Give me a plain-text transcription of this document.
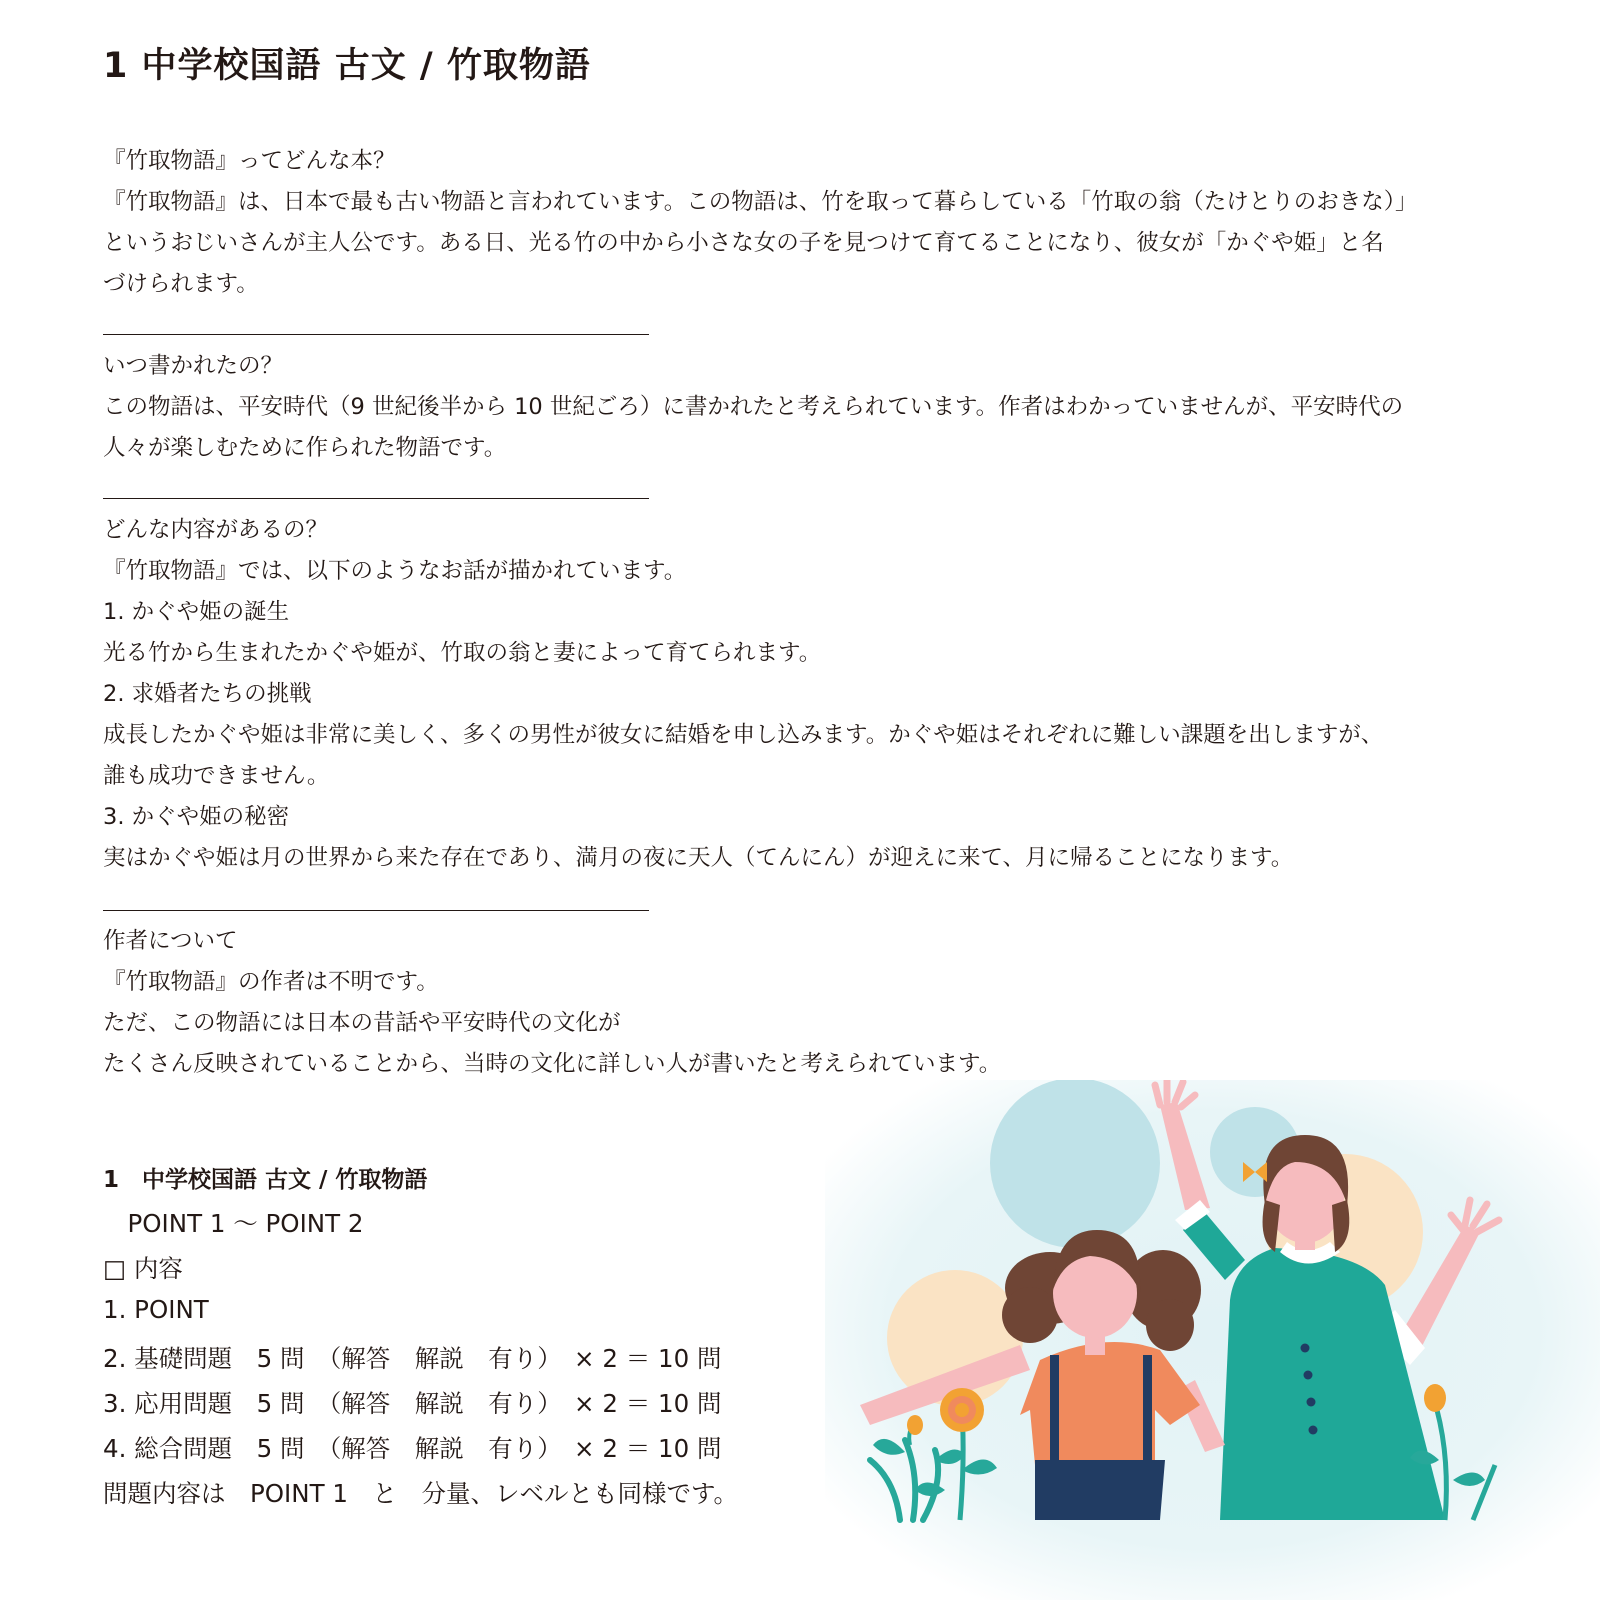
1 中学校国語 古文 / 竹取物語
『竹取物語』ってどんな本？
『竹取物語』は、日本で最も古い物語と言われています。この物語は、竹を取って暮らしている「竹取の翁（たけとりのおきな）」
というおじいさんが主人公です。ある日、光る竹の中から小さな女の子を見つけて育てることになり、彼女が「かぐや姫」と名
づけられます。
いつ書かれたの？
この物語は、平安時代（9 世紀後半から 10 世紀ごろ）に書かれたと考えられています。作者はわかっていませんが、平安時代の
人々が楽しむために作られた物語です。
どんな内容があるの？
『竹取物語』では、以下のようなお話が描かれています。
1. かぐや姫の誕生
光る竹から生まれたかぐや姫が、竹取の翁と妻によって育てられます。
2. 求婚者たちの挑戦
成長したかぐや姫は非常に美しく、多くの男性が彼女に結婚を申し込みます。かぐや姫はそれぞれに難しい課題を出しますが、
誰も成功できません。
3. かぐや姫の秘密
実はかぐや姫は月の世界から来た存在であり、満月の夜に天人（てんにん）が迎えに来て、月に帰ることになります。
作者について
『竹取物語』の作者は不明です。
ただ、この物語には日本の昔話や平安時代の文化が
たくさん反映されていることから、当時の文化に詳しい人が書いたと考えられています。
1　中学校国語 古文 / 竹取物語
　POINT 1 〜 POINT 2
□ 内容
1. POINT
2. 基礎問題　5 問　（解答　解説　有り）　× 2 ＝ 10 問
3. 応用問題　5 問　（解答　解説　有り）　× 2 ＝ 10 問
4. 総合問題　5 問　（解答　解説　有り）　× 2 ＝ 10 問
問題内容は　POINT 1　と　分量、レベルとも同様です。
